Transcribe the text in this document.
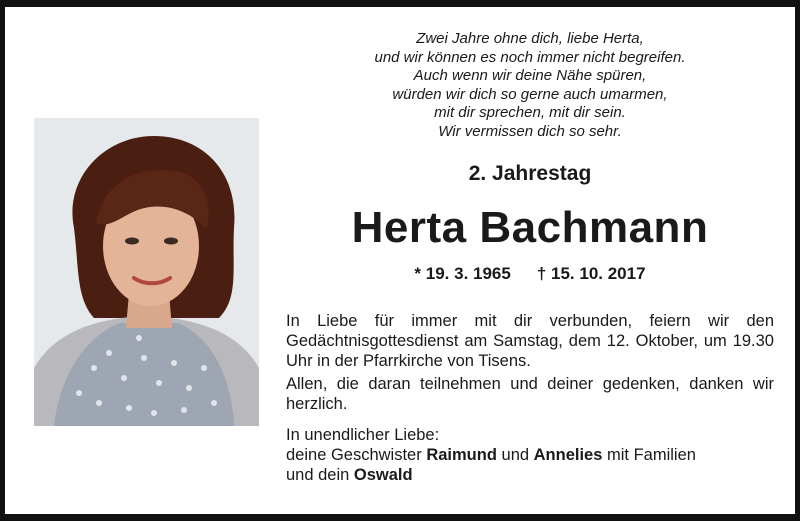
Zwei Jahre ohne dich, liebe Herta,
und wir können es noch immer nicht begreifen.
Auch wenn wir deine Nähe spüren,
würden wir dich so gerne auch umarmen,
mit dir sprechen, mit dir sein.
Wir vermissen dich so sehr.
2. Jahrestag
Herta Bachmann
* 19. 3. 1965 † 15. 10. 2017

In Liebe für immer mit dir verbunden, feiern wir den Gedächtnisgottesdienst am Samstag, dem 12. Oktober, um 19.30 Uhr in der Pfarrkirche von Tisens.

Allen, die daran teilnehmen und deiner gedenken, danken wir herzlich.

In unendlicher Liebe:
deine Geschwister Raimund und Annelies mit Familien
und dein Oswald
